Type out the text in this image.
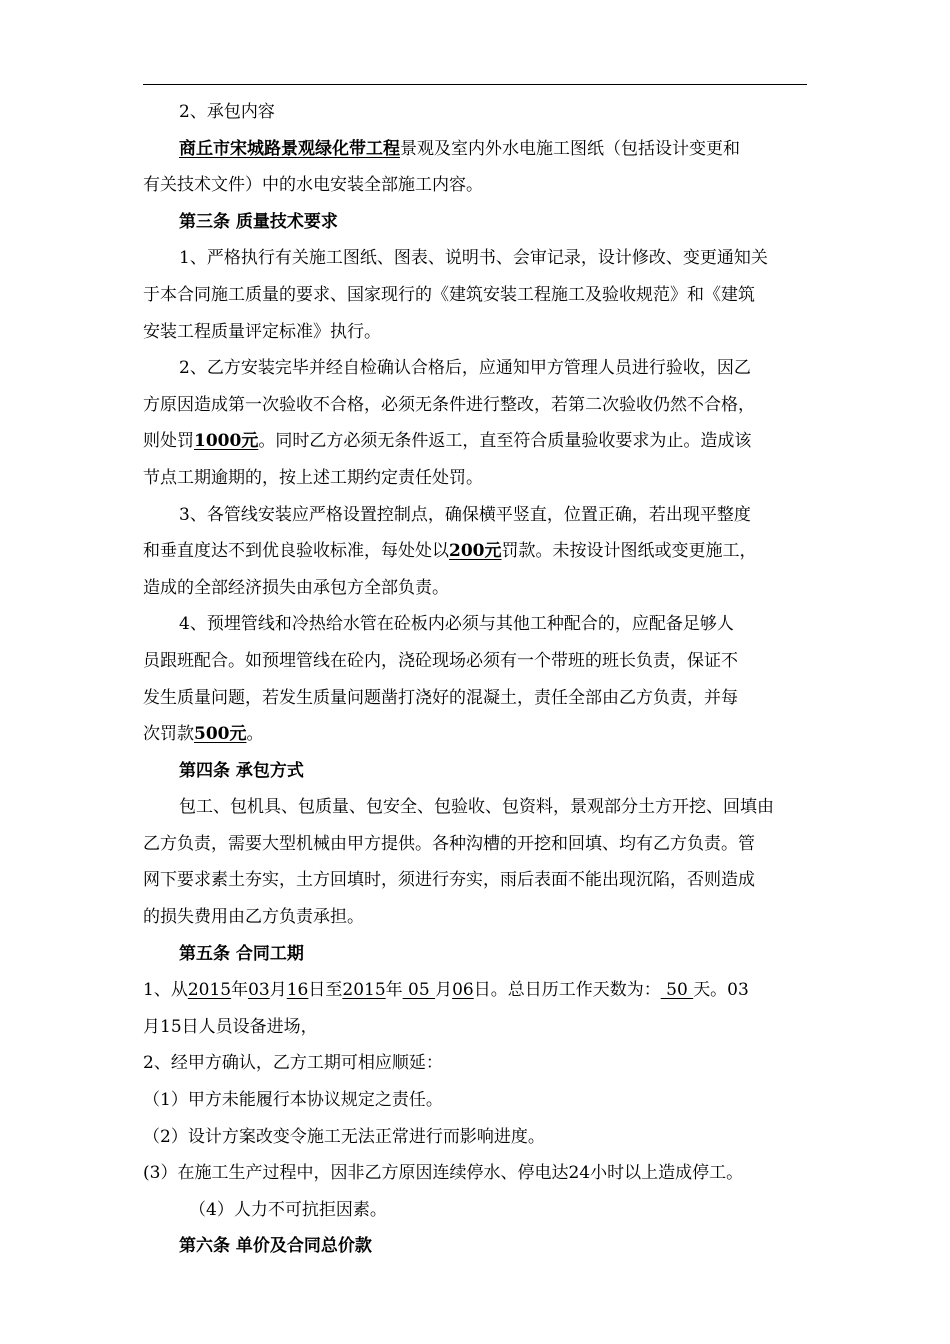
2、承包内容
商丘市宋城路景观绿化带工程景观及室内外水电施工图纸（包括设计变更和
有关技术文件）中的水电安装全部施工内容。
第三条 质量技术要求
1、严格执行有关施工图纸、图表、说明书、会审记录，设计修改、变更通知关
于本合同施工质量的要求、国家现行的《建筑安装工程施工及验收规范》和《建筑
安装工程质量评定标准》执行。
2、乙方安装完毕并经自检确认合格后，应通知甲方管理人员进行验收，因乙
方原因造成第一次验收不合格，必须无条件进行整改，若第二次验收仍然不合格，
则处罚1000元。同时乙方必须无条件返工，直至符合质量验收要求为止。造成该
节点工期逾期的，按上述工期约定责任处罚。
3、各管线安装应严格设置控制点，确保横平竖直，位置正确，若出现平整度
和垂直度达不到优良验收标准，每处处以200元罚款。未按设计图纸或变更施工，
造成的全部经济损失由承包方全部负责。
4、预埋管线和冷热给水管在砼板内必须与其他工种配合的，应配备足够人
员跟班配合。如预埋管线在砼内，浇砼现场必须有一个带班的班长负责，保证不
发生质量问题，若发生质量问题凿打浇好的混凝土，责任全部由乙方负责，并每
次罚款500元。
第四条 承包方式
包工、包机具、包质量、包安全、包验收、包资料，景观部分土方开挖、回填由
乙方负责，需要大型机械由甲方提供。各种沟槽的开挖和回填、均有乙方负责。管
网下要求素土夯实，土方回填时，须进行夯实，雨后表面不能出现沉陷，否则造成
的损失费用由乙方负责承担。
第五条 合同工期
1、从2015年03月16日至2015年 05 月06日。总日历工作天数为： 50 天。03
月15日人员设备进场，
2、经甲方确认，乙方工期可相应顺延：
（1）甲方未能履行本协议规定之责任。
（2）设计方案改变令施工无法正常进行而影响进度。
(3）在施工生产过程中，因非乙方原因连续停水、停电达24小时以上造成停工。
（4）人力不可抗拒因素。
第六条 单价及合同总价款
